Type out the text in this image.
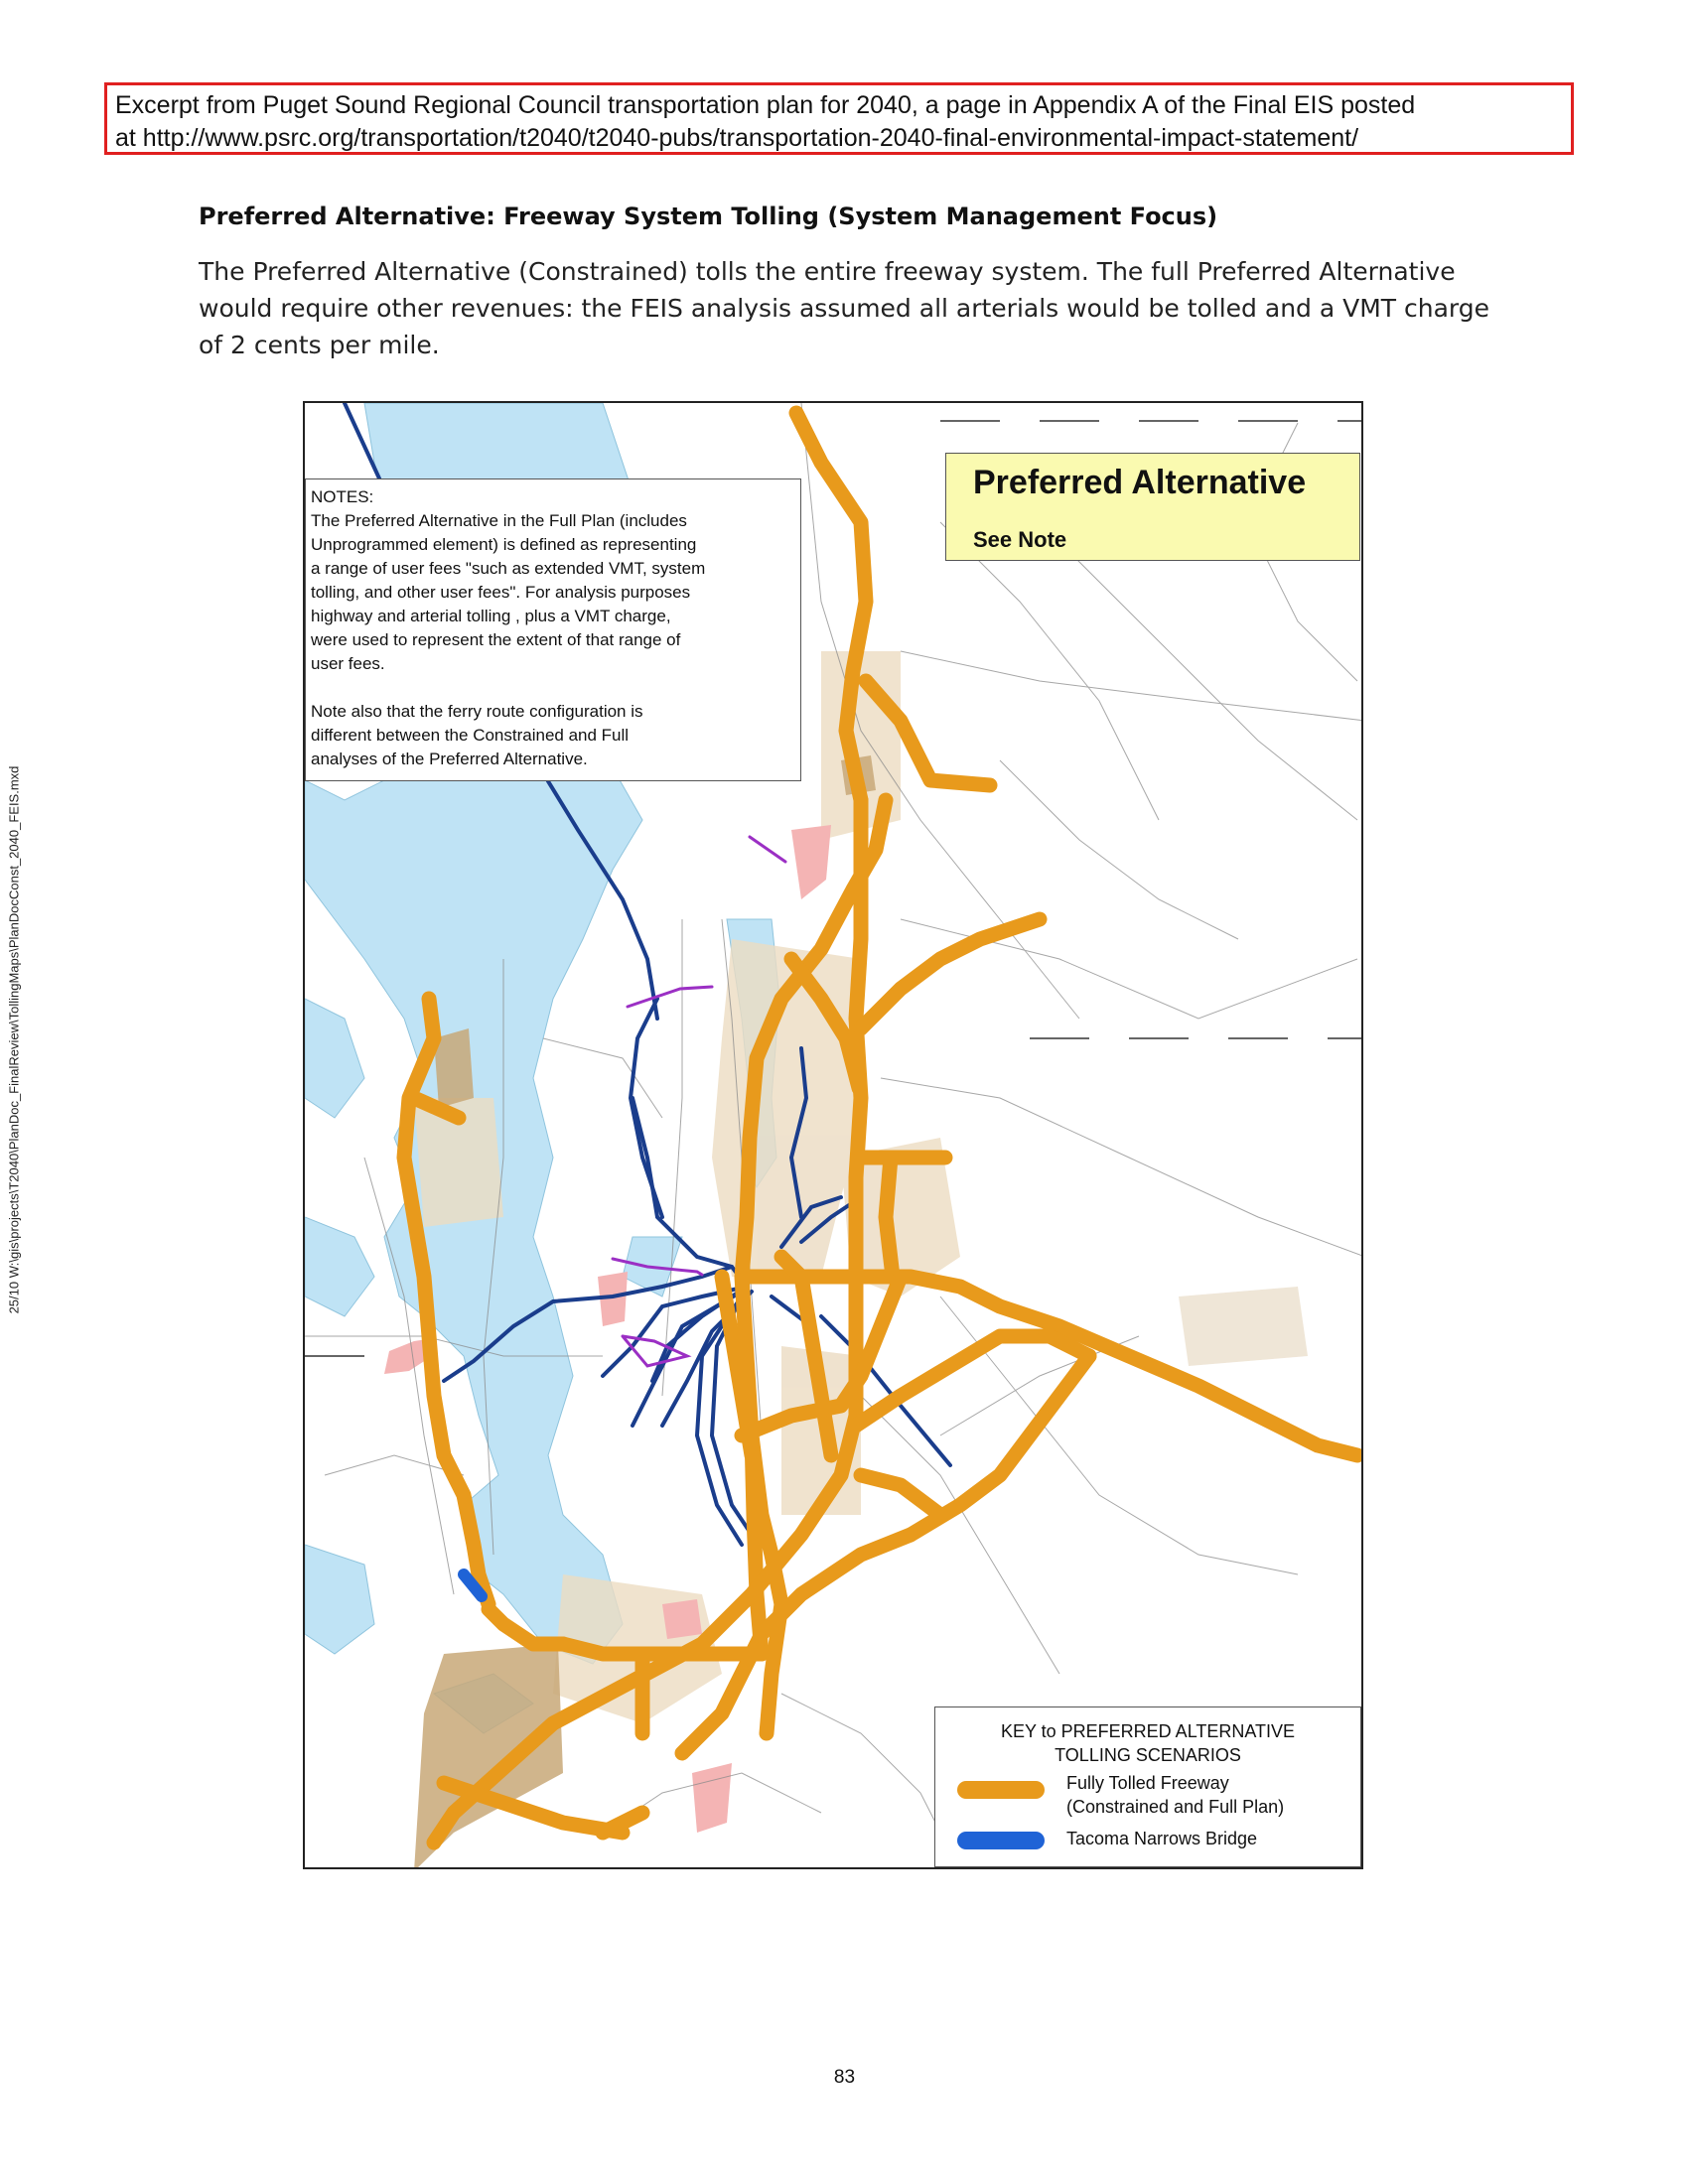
Excerpt from Puget Sound Regional Council transportation plan for 2040, a page in Appendix A of the Final EIS posted
at http://www.psrc.org/transportation/t2040/t2040-pubs/transportation-2040-final-environmental-impact-statement/
Preferred Alternative: Freeway System Tolling (System Management Focus)
The Preferred Alternative (Constrained) tolls the entire freeway system. The full Preferred Alternative
would require other revenues: the FEIS analysis assumed all arterials would be tolled and a VMT charge
of 2 cents per mile.
NOTES:
The Preferred Alternative in the Full Plan (includes
Unprogrammed element) is defined as representing
a range of user fees "such as extended VMT, system
tolling, and other user fees". For analysis purposes
highway and arterial tolling , plus a VMT charge,
were used to represent the extent of that range of
user fees.
Note also that the ferry route configuration is
different between the Constrained and Full
analyses of the Preferred Alternative.
Preferred Alternative
See Note
KEY to PREFERRED ALTERNATIVE
TOLLING SCENARIOS
Fully Tolled Freeway
(Constrained and Full Plan)
Tacoma Narrows Bridge
25/10 W:\gis\projects\T2040\PlanDoc_FinalReview\TollingMaps\PlanDocConst_2040_FEIS.mxd
83
